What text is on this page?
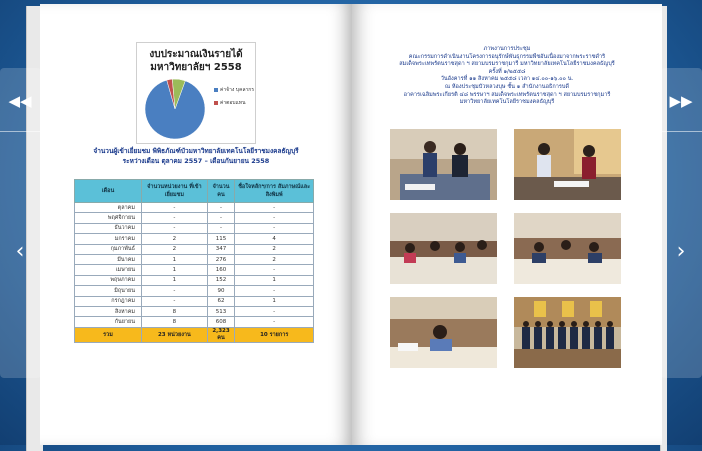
งบประมาณเงินรายได้
มหาวิทยาลัยฯ 2558
ค่าจ้าง บุคลากร
ค่าตอบแทน
จำนวนผู้เข้าเยี่ยมชม พิพิธภัณฑ์บัวมหาวิทยาลัยเทคโนโลยีราชมงคลธัญบุรี
ระหว่างเดือน ตุลาคม 2557 – เดือนกันยายน 2558
เดือน	จำนวนหน่วยงาน ที่เข้าเยี่ยมชม	จำนวนคน	ชื่อใจหลักฯ/การ สัมภาษณ์และสิงพิมพ์
ตุลาคม	-	-	-
พฤศจิกายน	-	-	-
ธันวาคม	-	-	-
มกราคม	2	115	4
กุมภาพันธ์	2	347	2
มีนาคม	1	276	2
เมษายน	1	160	-
พฤษภาคม	1	152	1
มิถุนายน	-	90	-
กรกฎาคม	-	62	1
สิงหาคม	8	513	-
กันยายน	8	608	-
รวม	23 หน่วยงาน	2,323 คน	10 รายการ
ภาพงานการประชุม
คณะกรรมการดำเนินงานโครงการอนุรักษ์พันธุกรรมพืชอันเนื่องมาจากพระราชดำริ
สมเด็จพระเทพรัตนราชสุดา ฯ สยามบรมราชกุมารี มหาวิทยาลัยเทคโนโลยีราชมงคลธัญบุรี
ครั้งที่ ๑/๒๕๕๘
วันอังคารที่ ๑๑ สิงหาคม ๒๕๕๘ เวลา ๑๔.๐๐-๑๖.๐๐ น.
ณ ห้องประชุมบัวหลวงบุษ ชั้น ๑ สำนักงานอธิการบดี
อาคารเฉลิมพระเกียรติ ๔๘ พรรษาฯ สมเด็จพระเทพรัตนราชสุดา ฯ สยามบรมราชกุมารี
มหาวิทยาลัยเทคโนโลยีราชมงคลธัญบุรี
◀◀
‹
▶▶
›
